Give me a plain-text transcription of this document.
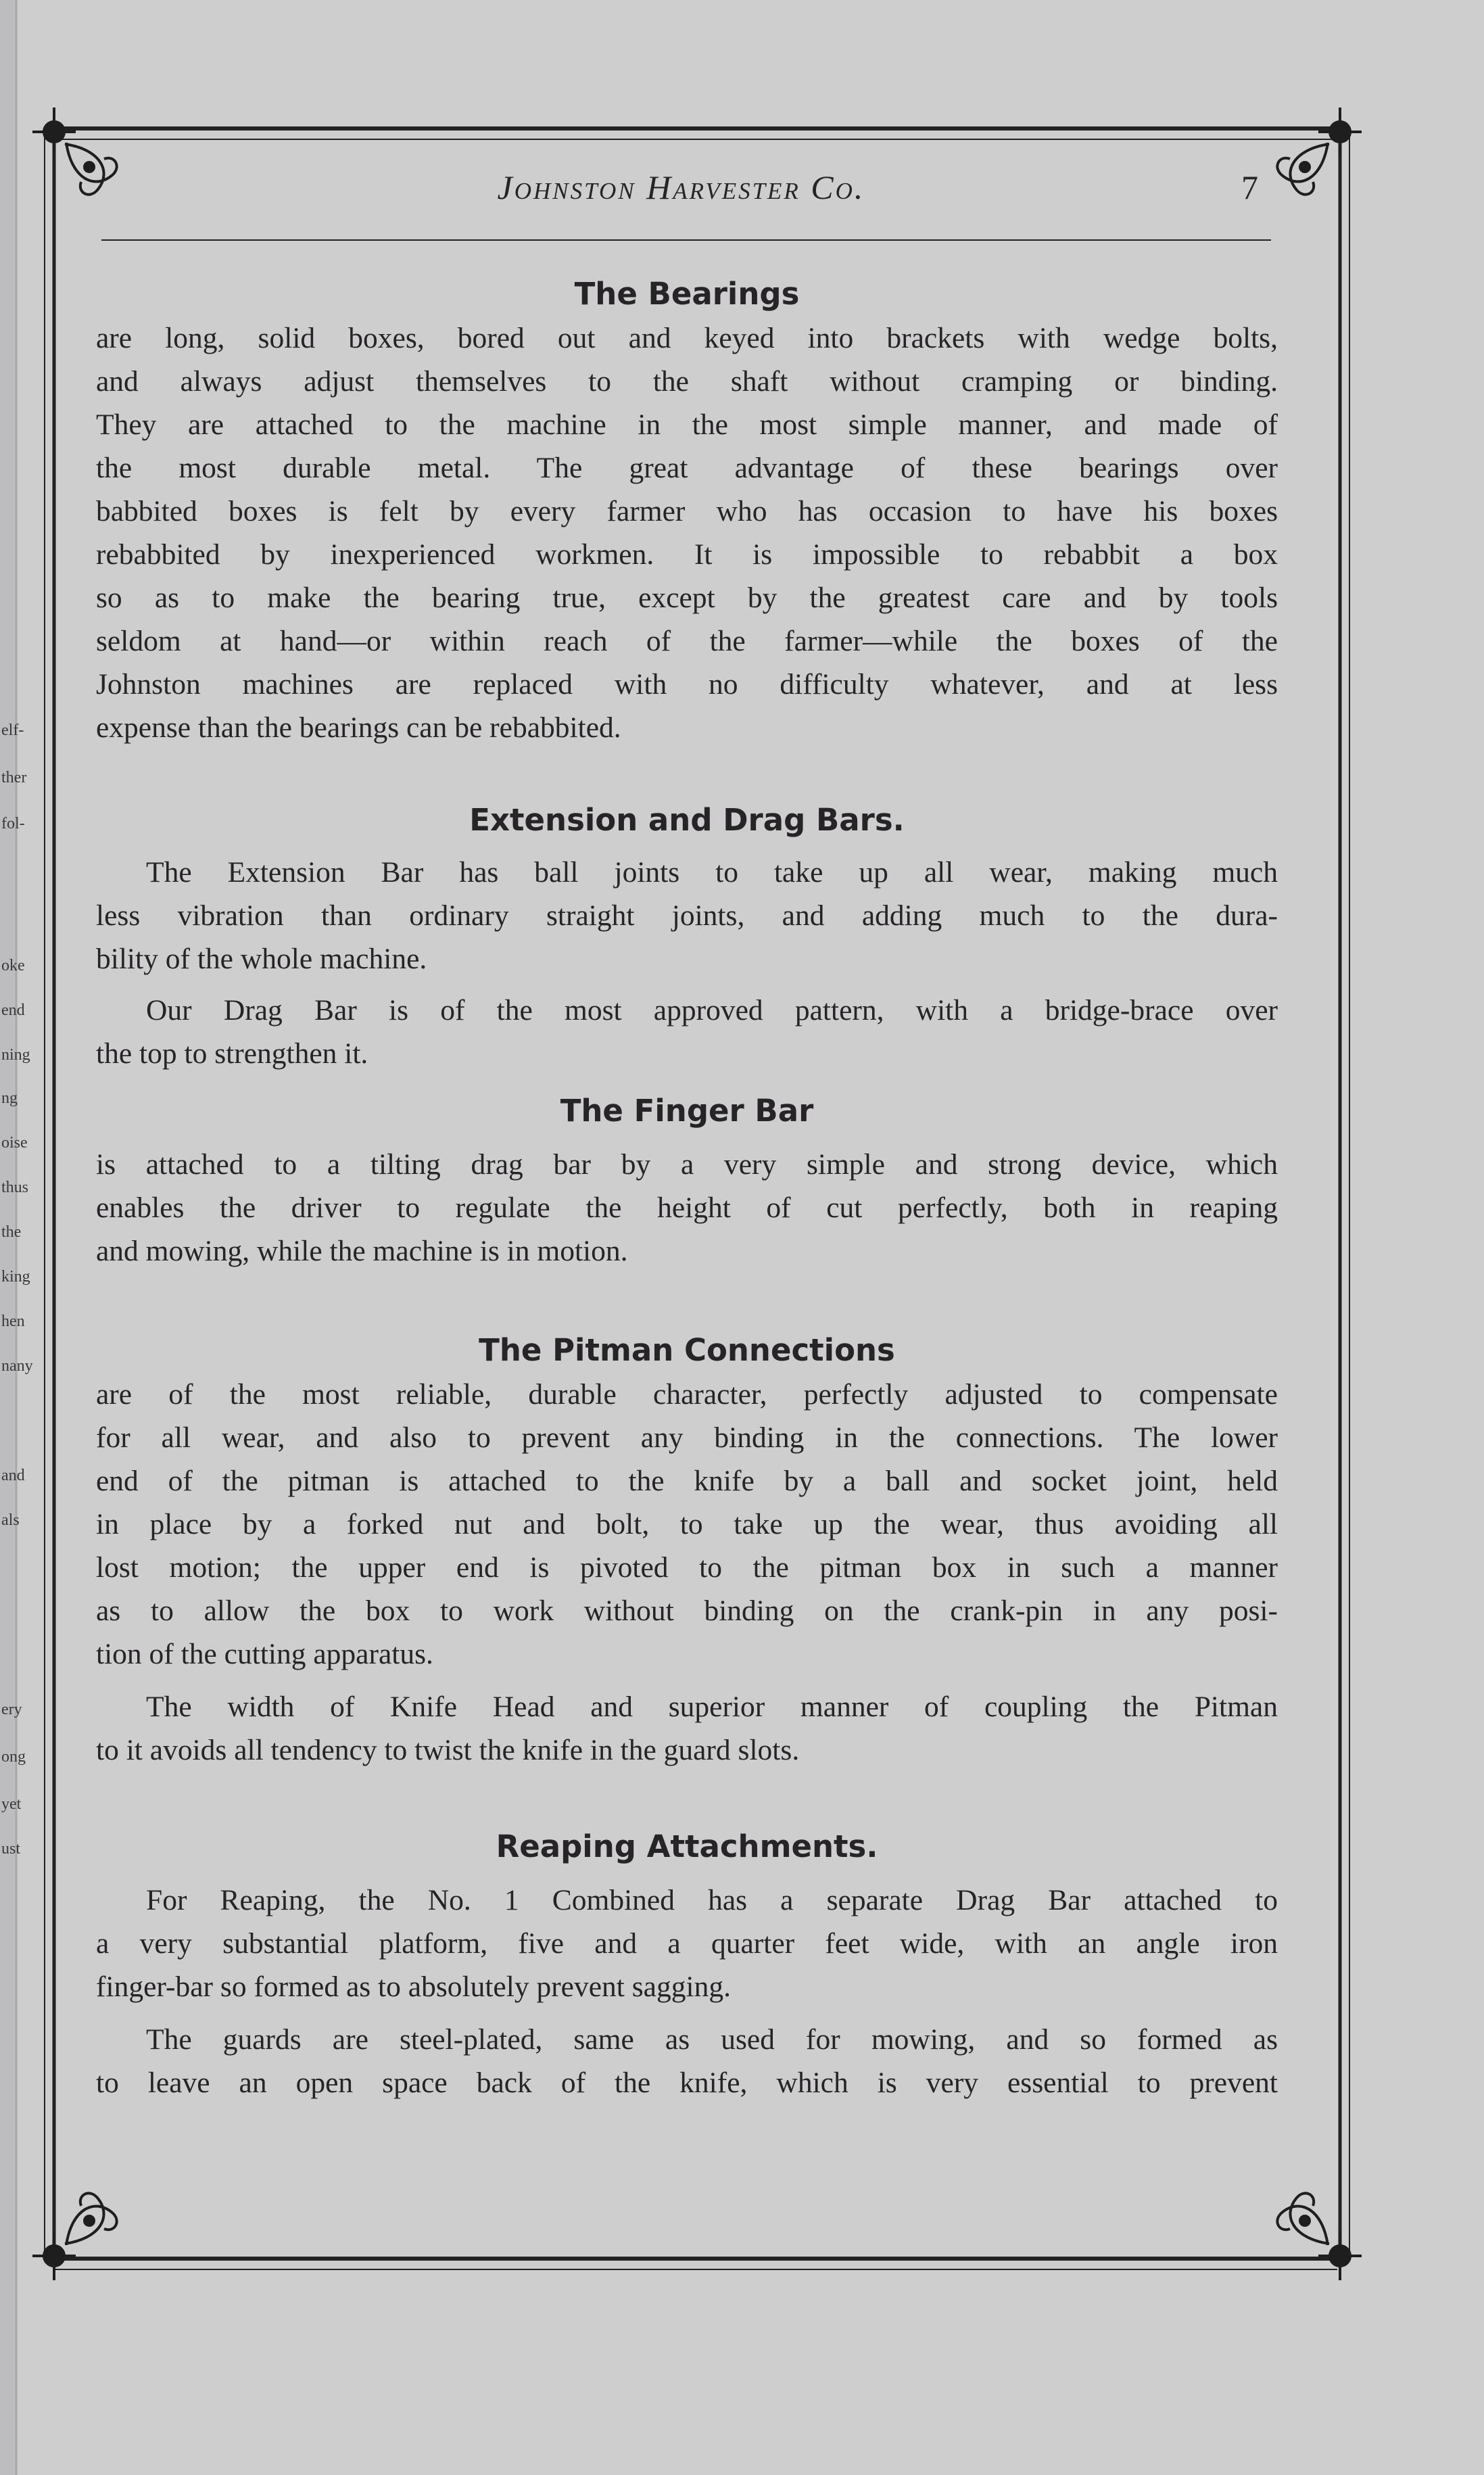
elf-
ther
fol-
oke
end
ning
ng
oise
thus
the
king
hen
nany
and
als
ery
ong
yet
ust
Johnston Harvester Co.	7
The Bearings
are long, solid boxes, bored out and keyed into brackets with wedge bolts,
and always adjust themselves to the shaft without cramping or binding.
They are attached to the machine in the most simple manner, and made of
the most durable metal. The great advantage of these bearings over
babbited boxes is felt by every farmer who has occasion to have his boxes
rebabbited by inexperienced workmen. It is impossible to rebabbit a box
so as to make the bearing true, except by the greatest care and by tools
seldom at hand—or within reach of the farmer—while the boxes of the
Johnston machines are replaced with no difficulty whatever, and at less
expense than the bearings can be rebabbited.
Extension and Drag Bars.
The Extension Bar has ball joints to take up all wear, making much
less vibration than ordinary straight joints, and adding much to the dura-
bility of the whole machine.
Our Drag Bar is of the most approved pattern, with a bridge-brace over
the top to strengthen it.
The Finger Bar
is attached to a tilting drag bar by a very simple and strong device, which
enables the driver to regulate the height of cut perfectly, both in reaping
and mowing, while the machine is in motion.
The Pitman Connections
are of the most reliable, durable character, perfectly adjusted to compensate
for all wear, and also to prevent any binding in the connections. The lower
end of the pitman is attached to the knife by a ball and socket joint, held
in place by a forked nut and bolt, to take up the wear, thus avoiding all
lost motion; the upper end is pivoted to the pitman box in such a manner
as to allow the box to work without binding on the crank-pin in any posi-
tion of the cutting apparatus.
The width of Knife Head and superior manner of coupling the Pitman
to it avoids all tendency to twist the knife in the guard slots.
Reaping Attachments.
For Reaping, the No. 1 Combined has a separate Drag Bar attached to
a very substantial platform, five and a quarter feet wide, with an angle iron
finger-bar so formed as to absolutely prevent sagging.
The guards are steel-plated, same as used for mowing, and so formed as
to leave an open space back of the knife, which is very essential to prevent
